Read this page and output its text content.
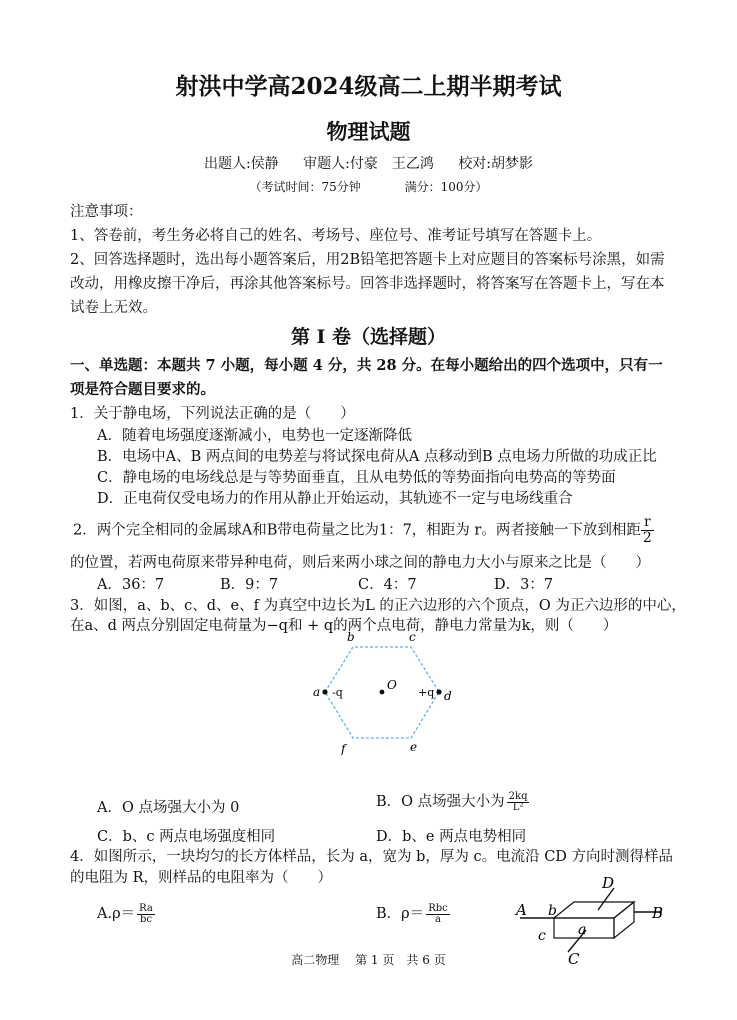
射洪中学高2024级高二上期半期考试
物理试题
出题人:侯静 审题人:付豪　王乙鸿 校对:胡梦影
（考试时间：75分钟	满分：100分）
注意事项：
1、答卷前，考生务必将自己的姓名、考场号、座位号、准考证号填写在答题卡上。
2、回答选择题时，选出每小题答案后，用2B铅笔把答题卡上对应题目的答案标号涂黑，如需改动，用橡皮擦干净后，再涂其他答案标号。回答非选择题时，将答案写在答题卡上，写在本试卷上无效。
第 I 卷（选择题）
一、单选题：本题共 7 小题，每小题 4 分，共 28 分。在每小题给出的四个选项中，只有一项是符合题目要求的。
1．关于静电场，下列说法正确的是（　　）
A．随着电场强度逐渐减小，电势也一定逐渐降低
B．电场中A、B 两点间的电势差与将试探电荷从A 点移动到B 点电场力所做的功成正比
C．静电场的电场线总是与等势面垂直，且从电势低的等势面指向电势高的等势面
D．正电荷仅受电场力的作用从静止开始运动，其轨迹不一定与电场线重合
2．两个完全相同的金属球A和B带电荷量之比为1：7，相距为 r。两者接触一下放到相距 $\frac{r}{2}$
的位置，若两电荷原来带异种电荷，则后来两小球之间的静电力大小与原来之比是（　　）
A．36：7	B．9：7	C．4：7	D．3：7
3．如图，a、b、c、d、e、f 为真空中边长为L 的正六边形的六个顶点，O 为正六边形的中心，
在a、d 两点分别固定电荷量为−q和 + q的两个点电荷，静电力常量为k，则（　　）
a
b	c
d
e
f
O
-q	+q
A．O 点场强大小为 0	B．O 点场强大小为 $\frac{2kq}{\text{L²}}$
C．b、c 两点电场强度相同	D．b、e 两点电势相同
4．如图所示，一块均匀的长方体样品，长为 a，宽为 b，厚为 c。电流沿 CD 方向时测得样品
的电阻为 R，则样品的电阻率为（　　）
$A.\rho= \frac{Ra}{bc}$	B．$\rho= \frac{\text{Rbc}}{a}$	A	B
C
D
a
b
c
高二物理　 第 1 页　共 6 页
